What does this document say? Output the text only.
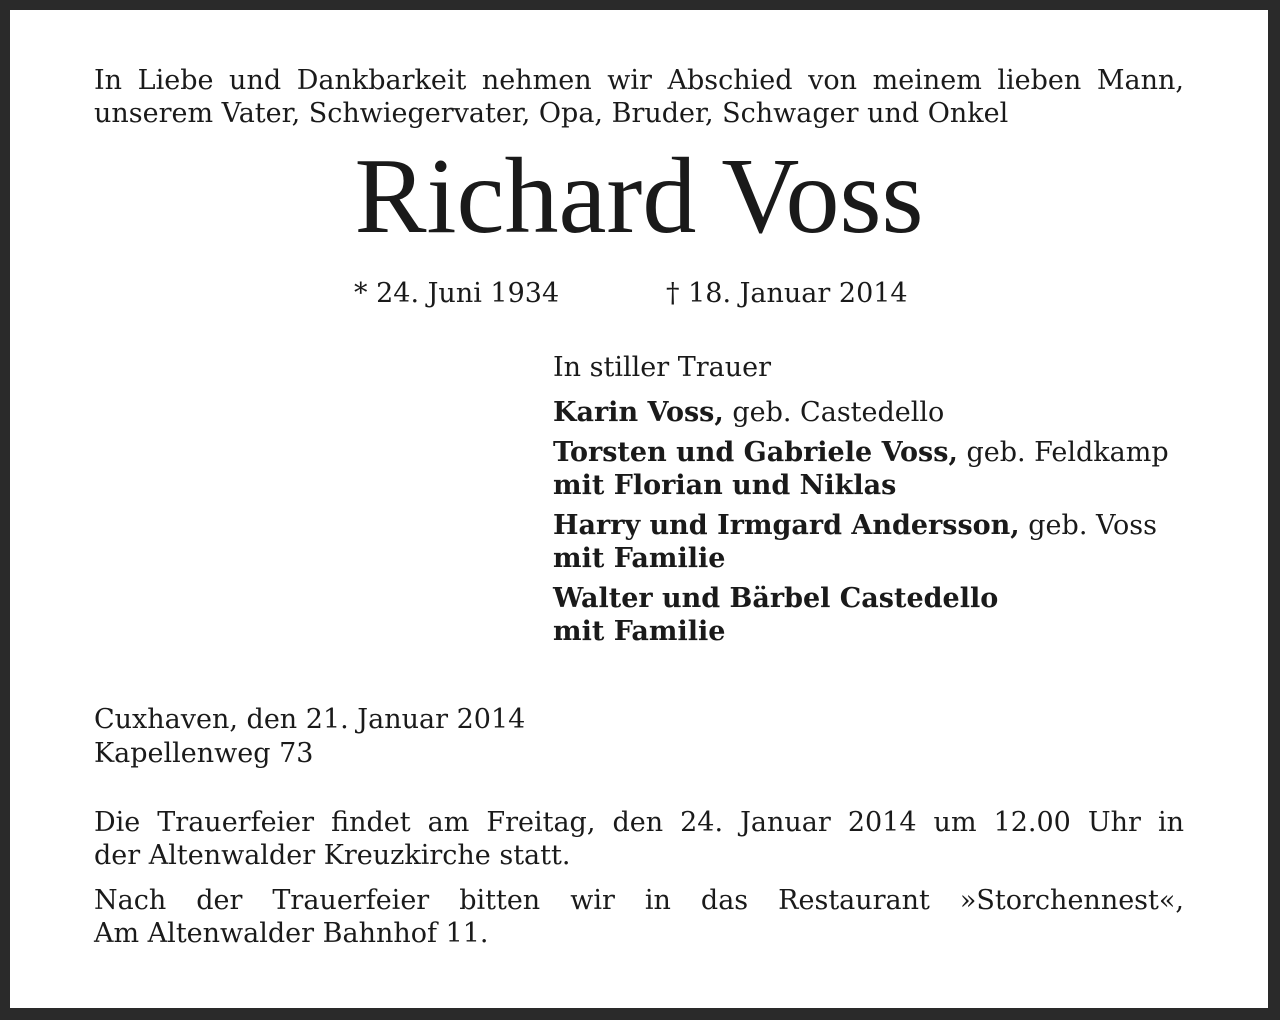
In Liebe und Dankbarkeit nehmen wir Abschied von meinem lieben Mann,
unserem Vater, Schwiegervater, Opa, Bruder, Schwager und Onkel
Richard Voss
* 24. Juni 1934	† 18. Januar 2014
In stiller Trauer
Karin Voss, geb. Castedello
Torsten und Gabriele Voss, geb. Feldkamp
mit Florian und Niklas
Harry und Irmgard Andersson, geb. Voss
mit Familie
Walter und Bärbel Castedello
mit Familie
Cuxhaven, den 21. Januar 2014
Kapellenweg 73
Die Trauerfeier findet am Freitag, den 24. Januar 2014 um 12.00 Uhr in
der Altenwalder Kreuzkirche statt.
Nach der Trauerfeier bitten wir in das Restaurant »Storchennest«,
Am Altenwalder Bahnhof 11.
